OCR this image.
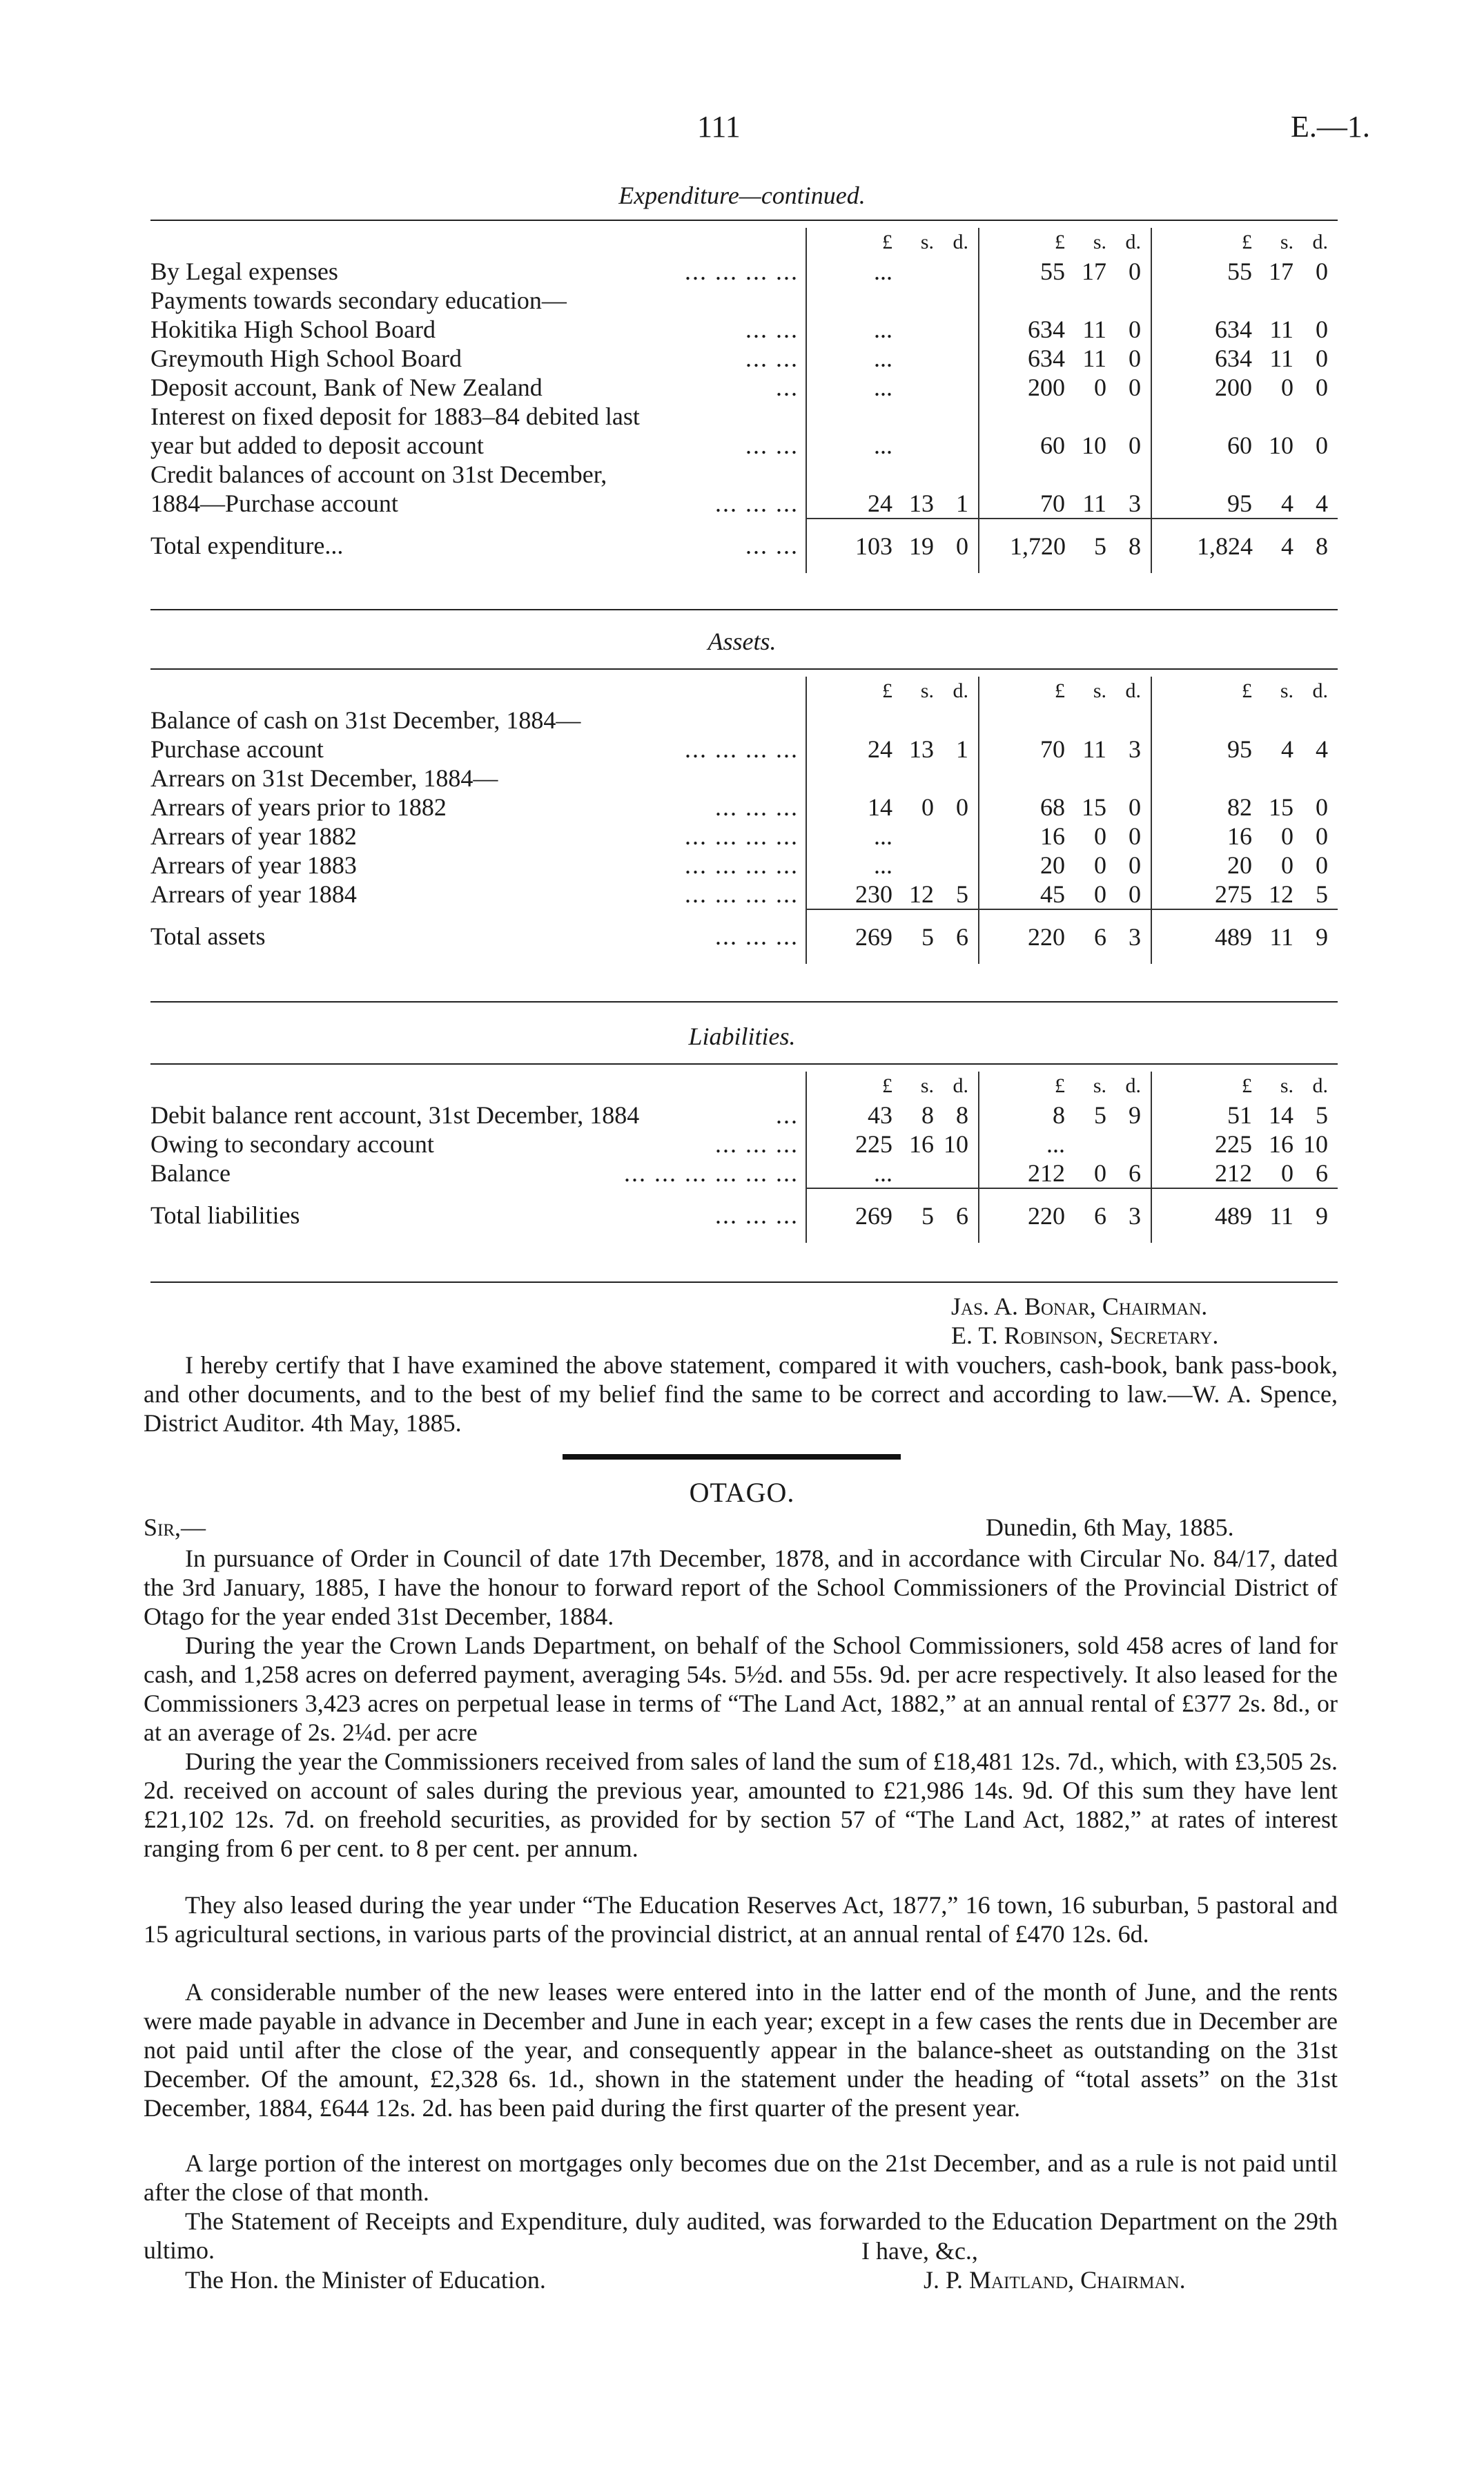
111	E.—1.
Expenditure—continued.

	£ s. d.	£ s. d.	£ s. d.

By Legal expenses	... ... ... ...	...	55 17 0	55 17 0

Payments towards secondary education—

Hokitika High School Board	... ...	...	634 11 0	634 11 0

Greymouth High School Board	... ...	...	634 11 0	634 11 0

Deposit account, Bank of New Zealand	...	...	200 0 0	200 0 0

Interest on fixed deposit for 1883–84 debited last

year but added to deposit account	... ...	...	60 10 0	60 10 0

Credit balances of account on 31st December,

1884—Purchase account	... ... ...	24 13 1	70 11 3	95 4 4

Total expenditure...	... ...	103 19 0	1,720 5 8	1,824 4 8
Assets.

	£ s. d.	£ s. d.	£ s. d.

Balance of cash on 31st December, 1884—

Purchase account	... ... ... ...	24 13 1	70 11 3	95 4 4

Arrears on 31st December, 1884—

Arrears of years prior to 1882	... ... ...	14 0 0	68 15 0	82 15 0

Arrears of year 1882	... ... ... ...	...	16 0 0	16 0 0

Arrears of year 1883	... ... ... ...	...	20 0 0	20 0 0

Arrears of year 1884	... ... ... ...	230 12 5	45 0 0	275 12 5

Total assets	... ... ...	269 5 6	220 6 3	489 11 9
Liabilities.

	£ s. d.	£ s. d.	£ s. d.

Debit balance rent account, 31st December, 1884	...	43 8 8	8 5 9	51 14 5

Owing to secondary account	... ... ...	225 16 10	...	225 16 10

Balance	... ... ... ... ... ...	...	212 0 6	212 0 6

Total liabilities	... ... ...	269 5 6	220 6 3	489 11 9
Jas. A. Bonar, Chairman.
E. T. Robinson, Secretary.
I hereby certify that I have examined the above statement, compared it with vouchers, cash-book, bank pass-book, and other documents, and to the best of my belief find the same to be correct and according to law.—W. A. Spence, District Auditor. 4th May, 1885.
OTAGO.
Sir,—	Dunedin, 6th May, 1885.
In pursuance of Order in Council of date 17th December, 1878, and in accordance with Circular No. 84/17, dated the 3rd January, 1885, I have the honour to forward report of the School Commissioners of the Provincial District of Otago for the year ended 31st December, 1884.
During the year the Crown Lands Department, on behalf of the School Commissioners, sold 458 acres of land for cash, and 1,258 acres on deferred payment, averaging 54s. 5½d. and 55s. 9d. per acre respectively. It also leased for the Commissioners 3,423 acres on perpetual lease in terms of “The Land Act, 1882,” at an annual rental of £377 2s. 8d., or at an average of 2s. 2¼d. per acre
During the year the Commissioners received from sales of land the sum of £18,481 12s. 7d., which, with £3,505 2s. 2d. received on account of sales during the previous year, amounted to £21,986 14s. 9d. Of this sum they have lent £21,102 12s. 7d. on freehold securities, as provided for by section 57 of “The Land Act, 1882,” at rates of interest ranging from 6 per cent. to 8 per cent. per annum.
They also leased during the year under “The Education Reserves Act, 1877,” 16 town, 16 suburban, 5 pastoral and 15 agricultural sections, in various parts of the provincial district, at an annual rental of £470 12s. 6d.
A considerable number of the new leases were entered into in the latter end of the month of June, and the rents were made payable in advance in December and June in each year; except in a few cases the rents due in December are not paid until after the close of the year, and consequently appear in the balance-sheet as outstanding on the 31st December. Of the amount, £2,328 6s. 1d., shown in the statement under the heading of “total assets” on the 31st December, 1884, £644 12s. 2d. has been paid during the first quarter of the present year.
A large portion of the interest on mortgages only becomes due on the 21st December, and as a rule is not paid until after the close of that month.
The Statement of Receipts and Expenditure, duly audited, was forwarded to the Education Department on the 29th ultimo.	I have, &c.,
The Hon. the Minister of Education.	J. P. Maitland, Chairman.
